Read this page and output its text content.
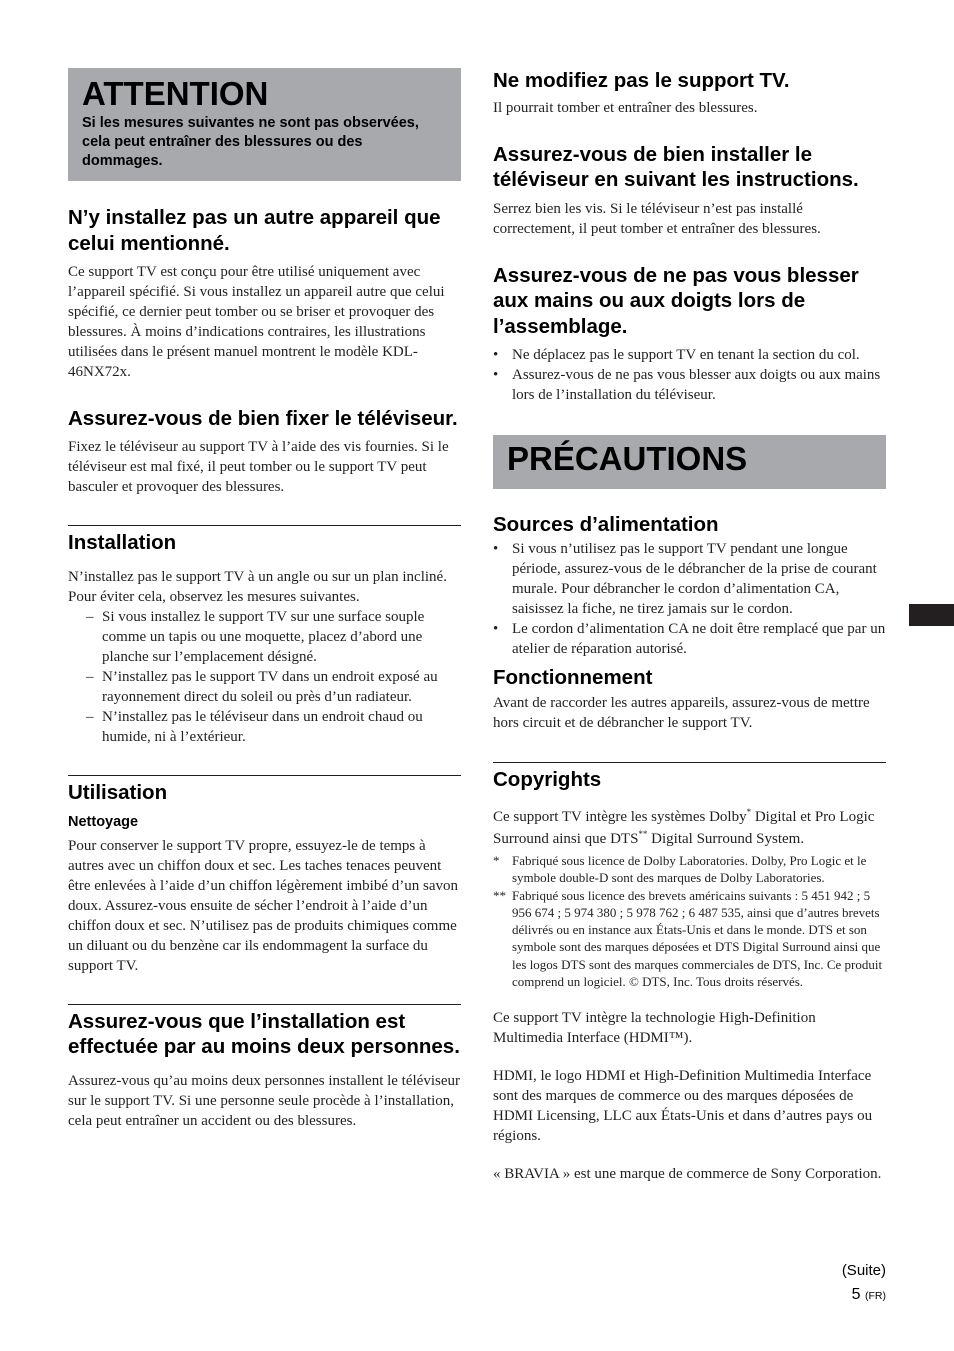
ATTENTION
Si les mesures suivantes ne sont pas observées, cela peut entraîner des blessures ou des dommages.
N’y installez pas un autre appareil que celui mentionné.

Ce support TV est conçu pour être utilisé uniquement avec l’appareil spécifié. Si vous installez un appareil autre que celui spécifié, ce dernier peut tomber ou se briser et provoquer des blessures. À moins d’indications contraires, les illustrations utilisées dans le présent manuel montrent le modèle KDL-46NX72x.

Assurez-vous de bien fixer le téléviseur.

Fixez le téléviseur au support TV à l’aide des vis fournies. Si le téléviseur est mal fixé, il peut tomber ou le support TV peut basculer et provoquer des blessures.

Installation

N’installez pas le support TV à un angle ou sur un plan incliné. Pour éviter cela, observez les mesures suivantes.

– Si vous installez le support TV sur une surface souple comme un tapis ou une moquette, placez d’abord une planche sur l’emplacement désigné.
– N’installez pas le support TV dans un endroit exposé au rayonnement direct du soleil ou près d’un radiateur.
– N’installez pas le téléviseur dans un endroit chaud ou humide, ni à l’extérieur.
Utilisation
Nettoyage

Pour conserver le support TV propre, essuyez-le de temps à autres avec un chiffon doux et sec. Les taches tenaces peuvent être enlevées à l’aide d’un chiffon légèrement imbibé d’un savon doux. Assurez-vous ensuite de sécher l’endroit à l’aide d’un chiffon doux et sec. N’utilisez pas de produits chimiques comme un diluant ou du benzène car ils endommagent la surface du support TV.

Assurez-vous que l’installation est effectuée par au moins deux personnes.

Assurez-vous qu’au moins deux personnes installent le téléviseur sur le support TV. Si une personne seule procède à l’installation, cela peut entraîner un accident ou des blessures.

Ne modifiez pas le support TV.

Il pourrait tomber et entraîner des blessures.

Assurez-vous de bien installer le téléviseur en suivant les instructions.

Serrez bien les vis. Si le téléviseur n’est pas installé correctement, il peut tomber et entraîner des blessures.

Assurez-vous de ne pas vous blesser aux mains ou aux doigts lors de l’assemblage.
• Ne déplacez pas le support TV en tenant la section du col.
• Assurez-vous de ne pas vous blesser aux doigts ou aux mains lors de l’installation du téléviseur.
PRÉCAUTIONS
Sources d’alimentation
• Si vous n’utilisez pas le support TV pendant une longue période, assurez-vous de le débrancher de la prise de courant murale. Pour débrancher le cordon d’alimentation CA, saisissez la fiche, ne tirez jamais sur le cordon.
• Le cordon d’alimentation CA ne doit être remplacé que par un atelier de réparation autorisé.
Fonctionnement

Avant de raccorder les autres appareils, assurez-vous de mettre hors circuit et de débrancher le support TV.

Copyrights

Ce support TV intègre les systèmes Dolby* Digital et Pro Logic Surround ainsi que DTS** Digital Surround System.

* Fabriqué sous licence de Dolby Laboratories. Dolby, Pro Logic et le symbole double-D sont des marques de Dolby Laboratories.
** Fabriqué sous licence des brevets américains suivants : 5 451 942 ; 5 956 674 ; 5 974 380 ; 5 978 762 ; 6 487 535, ainsi que d’autres brevets délivrés ou en instance aux États-Unis et dans le monde. DTS et son symbole sont des marques déposées et DTS Digital Surround ainsi que les logos DTS sont des marques commerciales de DTS, Inc. Ce produit comprend un logiciel. © DTS, Inc. Tous droits réservés.

Ce support TV intègre la technologie High-Definition Multimedia Interface (HDMI™).

HDMI, le logo HDMI et High-Definition Multimedia Interface sont des marques de commerce ou des marques déposées de HDMI Licensing, LLC aux États-Unis et dans d’autres pays ou régions.

« BRAVIA » est une marque de commerce de Sony Corporation.

(Suite)
5 (FR)
